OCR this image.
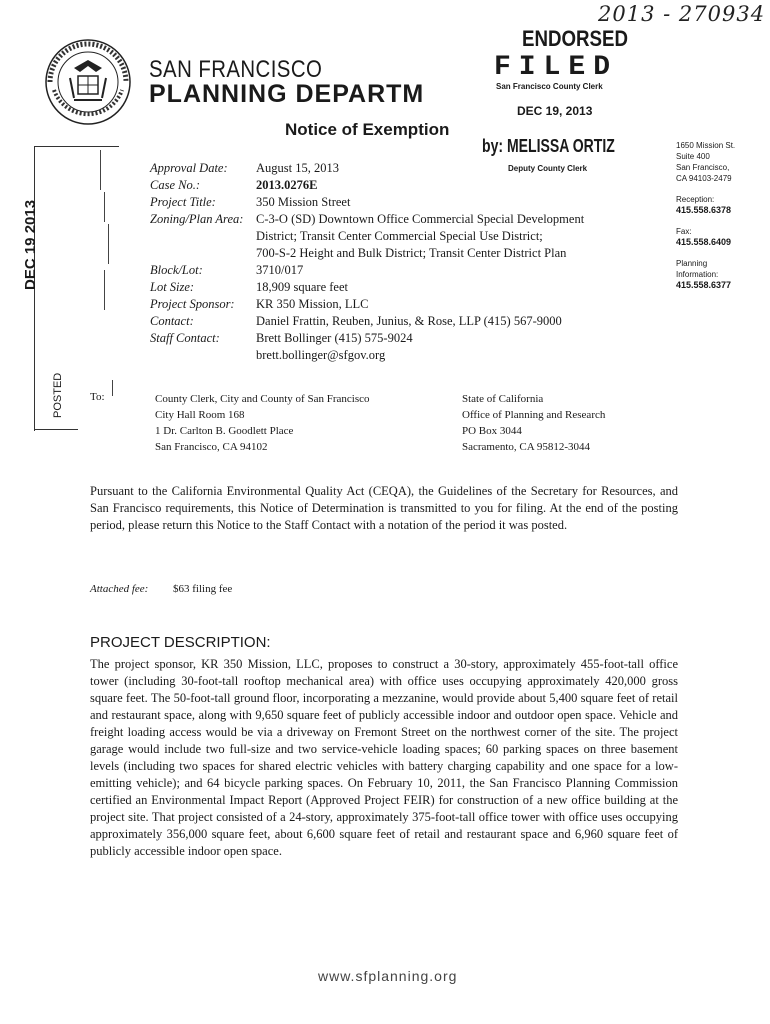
2013 - 270934
ENDORSED
FILED
San Francisco County Clerk
DEC 19, 2013
by: MELISSA ORTIZ
Deputy County Clerk
SAN FRANCISCO
PLANNING DEPARTM
Notice of Exemption
1650 Mission St.
Suite 400
San Francisco,
CA 94103-2479
Reception:
415.558.6378
Fax:
415.558.6409
Planning
Information:
415.558.6377
DEC 19 2013
POSTED
Approval Date:	August 15, 2013
Case No.:	2013.0276E
Project Title:	350 Mission Street
Zoning/Plan Area:	C-3-O (SD) Downtown Office Commercial Special Development
District; Transit Center Commercial Special Use District;
700-S-2 Height and Bulk District; Transit Center District Plan

Block/Lot:	3710/017
Lot Size:	18,909 square feet
Project Sponsor:	KR 350 Mission, LLC
Contact:	Daniel Frattin, Reuben, Junius, & Rose, LLP (415) 567-9000
Staff Contact:	Brett Bollinger (415) 575-9024
brett.bollinger@sfgov.org
To:	County Clerk, City and County of San Francisco
City Hall Room 168
1 Dr. Carlton B. Goodlett Place
San Francisco, CA 94102
State of California
Office of Planning and Research
PO Box 3044
Sacramento, CA 95812-3044
Pursuant to the California Environmental Quality Act (CEQA), the Guidelines of the Secretary for Resources, and San Francisco requirements, this Notice of Determination is transmitted to you for filing. At the end of the posting period, please return this Notice to the Staff Contact with a notation of the period it was posted.
Attached fee: $63 filing fee
PROJECT DESCRIPTION:
The project sponsor, KR 350 Mission, LLC, proposes to construct a 30-story, approximately 455-foot-tall office tower (including 30-foot-tall rooftop mechanical area) with office uses occupying approximately 420,000 gross square feet. The 50-foot-tall ground floor, incorporating a mezzanine, would provide about 5,400 square feet of retail and restaurant space, along with 9,650 square feet of publicly accessible indoor and outdoor open space. Vehicle and freight loading access would be via a driveway on Fremont Street on the northwest corner of the site. The project garage would include two full-size and two service-vehicle loading spaces; 60 parking spaces on three basement levels (including two spaces for shared electric vehicles with battery charging capability and one space for a low-emitting vehicle); and 64 bicycle parking spaces. On February 10, 2011, the San Francisco Planning Commission certified an Environmental Impact Report (Approved Project FEIR) for construction of a new office building at the project site. That project consisted of a 24-story, approximately 375-foot-tall office tower with office uses occupying approximately 356,000 square feet, about 6,600 square feet of retail and restaurant space and 6,960 square feet of publicly accessible indoor open space.
www.sfplanning.org
